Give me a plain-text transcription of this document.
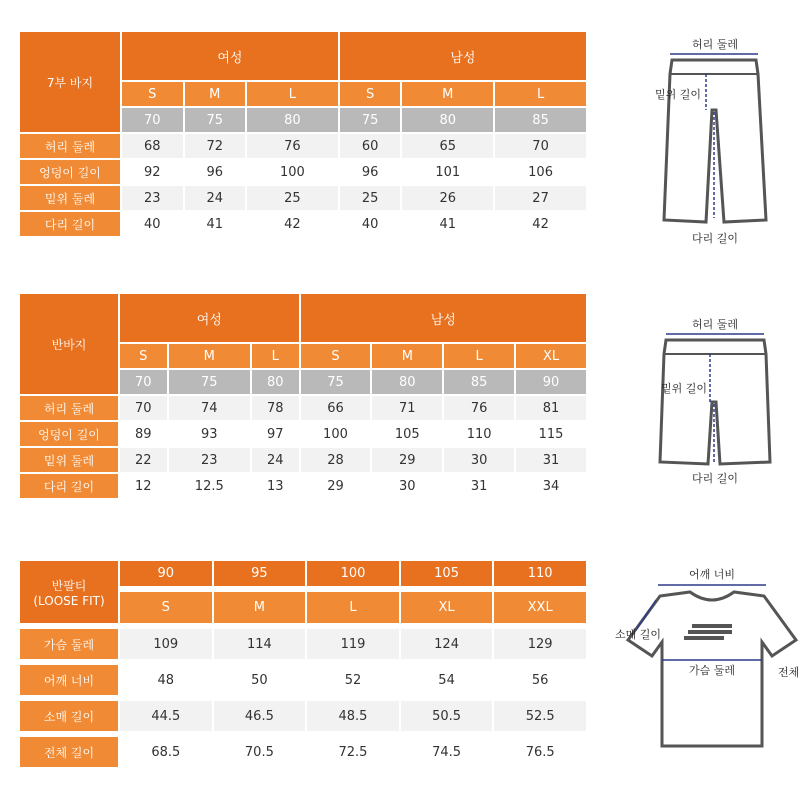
7부 바지	여성			남성		
	S	M	L	S	M	L
	70	75	80	75	80	85
허리 둘레	68	72	76	60	65	70
엉덩이 길이	92	96	100	96	101	106
밑위 둘레	23	24	25	25	26	27
다리 길이	40	41	42	40	41	42
허리 둘레
밑위 길이
다리 길이
반바지	여성			남성			
	S	M	L	S	M	L	XL
	70	75	80	75	80	85	90
허리 둘레	70	74	78	66	71	76	81
엉덩이 길이	89	93	97	100	105	110	115
밑위 둘레	22	23	24	28	29	30	31
다리 길이	12	12.5	13	29	30	31	34
허리 둘레
밑위 길이
다리 길이
반팔티
(LOOSE FIT)	90	95	100	105	110
	S	M	L	XL	XXL
가슴 둘레	109	114	119	124	129
어깨 너비	48	50	52	54	56
소매 길이	44.5	46.5	48.5	50.5	52.5
전체 길이	68.5	70.5	72.5	74.5	76.5
어깨 너비
소매 길이
가슴 둘레	전체
